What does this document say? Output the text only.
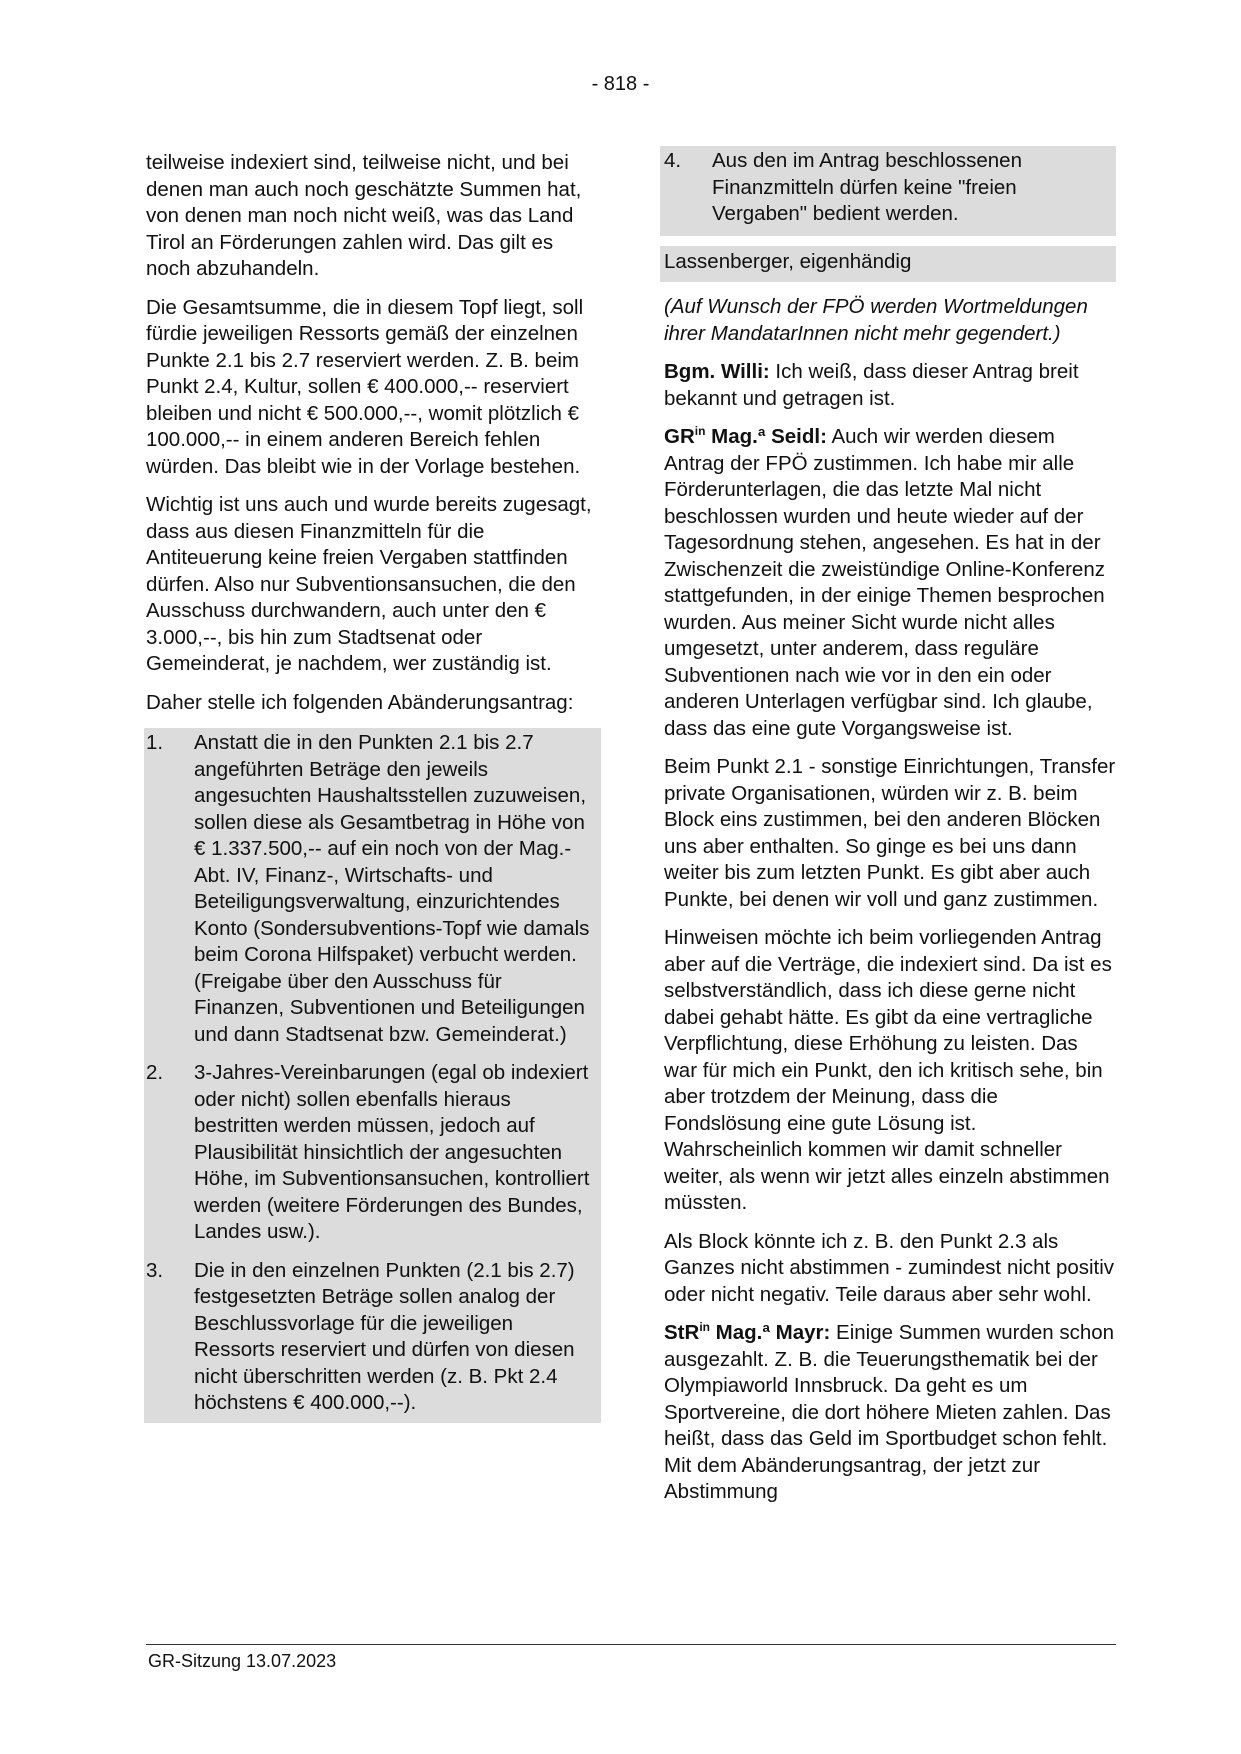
- 818 -

teilweise indexiert sind, teilweise nicht, und bei denen man auch noch geschätzte Summen hat, von denen man noch nicht weiß, was das Land Tirol an Förderungen zahlen wird. Das gilt es noch abzuhandeln.

Die Gesamtsumme, die in diesem Topf liegt, soll fürdie jeweiligen Ressorts gemäß der einzelnen Punkte 2.1 bis 2.7 reserviert werden. Z. B. beim Punkt 2.4, Kultur, sollen € 400.000,-- reserviert bleiben und nicht € 500.000,--, womit plötzlich € 100.000,-- in einem anderen Bereich fehlen würden. Das bleibt wie in der Vorlage bestehen.

Wichtig ist uns auch und wurde bereits zugesagt, dass aus diesen Finanzmitteln für die Antiteuerung keine freien Vergaben stattfinden dürfen. Also nur Subventionsansuchen, die den Ausschuss durchwandern, auch unter den € 3.000,--, bis hin zum Stadtsenat oder Gemeinderat, je nachdem, wer zuständig ist.

Daher stelle ich folgenden Abänderungsantrag:

1.	Anstatt die in den Punkten 2.1 bis 2.7 angeführten Beträge den jeweils angesuchten Haushaltsstellen zuzuweisen, sollen diese als Gesamtbetrag in Höhe von € 1.337.500,-- auf ein noch von der Mag.-Abt. IV, Finanz-, Wirtschafts- und Beteiligungsverwaltung, einzurichtendes Konto (Sondersubventions-Topf wie damals beim Corona Hilfspaket) verbucht werden. (Freigabe über den Ausschuss für Finanzen, Subventionen und Beteiligungen und dann Stadtsenat bzw. Gemeinderat.)
2.	3-Jahres-Vereinbarungen (egal ob indexiert oder nicht) sollen ebenfalls hieraus bestritten werden müssen, jedoch auf Plausibilität hinsichtlich der angesuchten Höhe, im Subventionsansuchen, kontrolliert werden (weitere Förderungen des Bundes, Landes usw.).
3.	Die in den einzelnen Punkten (2.1 bis 2.7) festgesetzten Beträge sollen analog der Beschlussvorlage für die jeweiligen Ressorts reserviert und dürfen von diesen nicht überschritten werden (z. B. Pkt 2.4 höchstens € 400.000,--).
4.	Aus den im Antrag beschlossenen Finanzmitteln dürfen keine "freien Vergaben" bedient werden.
Lassenberger, eigenhändig

(Auf Wunsch der FPÖ werden Wortmeldungen ihrer MandatarInnen nicht mehr gegendert.)

Bgm. Willi: Ich weiß, dass dieser Antrag breit bekannt und getragen ist.

$GR^{in}$ Mag.ª Seidl: Auch wir werden diesem Antrag der FPÖ zustimmen. Ich habe mir alle Förderunterlagen, die das letzte Mal nicht beschlossen wurden und heute wieder auf der Tagesordnung stehen, angesehen. Es hat in der Zwischenzeit die zweistündige Online-Konferenz stattgefunden, in der einige Themen besprochen wurden. Aus meiner Sicht wurde nicht alles umgesetzt, unter anderem, dass reguläre Subventionen nach wie vor in den ein oder anderen Unterlagen verfügbar sind. Ich glaube, dass das eine gute Vorgangsweise ist.

Beim Punkt 2.1 - sonstige Einrichtungen, Transfer private Organisationen, würden wir z. B. beim Block eins zustimmen, bei den anderen Blöcken uns aber enthalten. So ginge es bei uns dann weiter bis zum letzten Punkt. Es gibt aber auch Punkte, bei denen wir voll und ganz zustimmen.

Hinweisen möchte ich beim vorliegenden Antrag aber auf die Verträge, die indexiert sind. Da ist es selbstverständlich, dass ich diese gerne nicht dabei gehabt hätte. Es gibt da eine vertragliche Verpflichtung, diese Erhöhung zu leisten. Das war für mich ein Punkt, den ich kritisch sehe, bin aber trotzdem der Meinung, dass die Fondslösung eine gute Lösung ist. Wahrscheinlich kommen wir damit schneller weiter, als wenn wir jetzt alles einzeln abstimmen müssten.

Als Block könnte ich z. B. den Punkt 2.3 als Ganzes nicht abstimmen - zumindest nicht positiv oder nicht negativ. Teile daraus aber sehr wohl.

StR$^{in}$ Mag.ª Mayr: Einige Summen wurden schon ausgezahlt. Z. B. die Teuerungsthematik bei der Olympiaworld Innsbruck. Da geht es um Sportvereine, die dort höhere Mieten zahlen. Das heißt, dass das Geld im Sportbudget schon fehlt. Mit dem Abänderungsantrag, der jetzt zur Abstimmung

GR-Sitzung 13.07.2023
